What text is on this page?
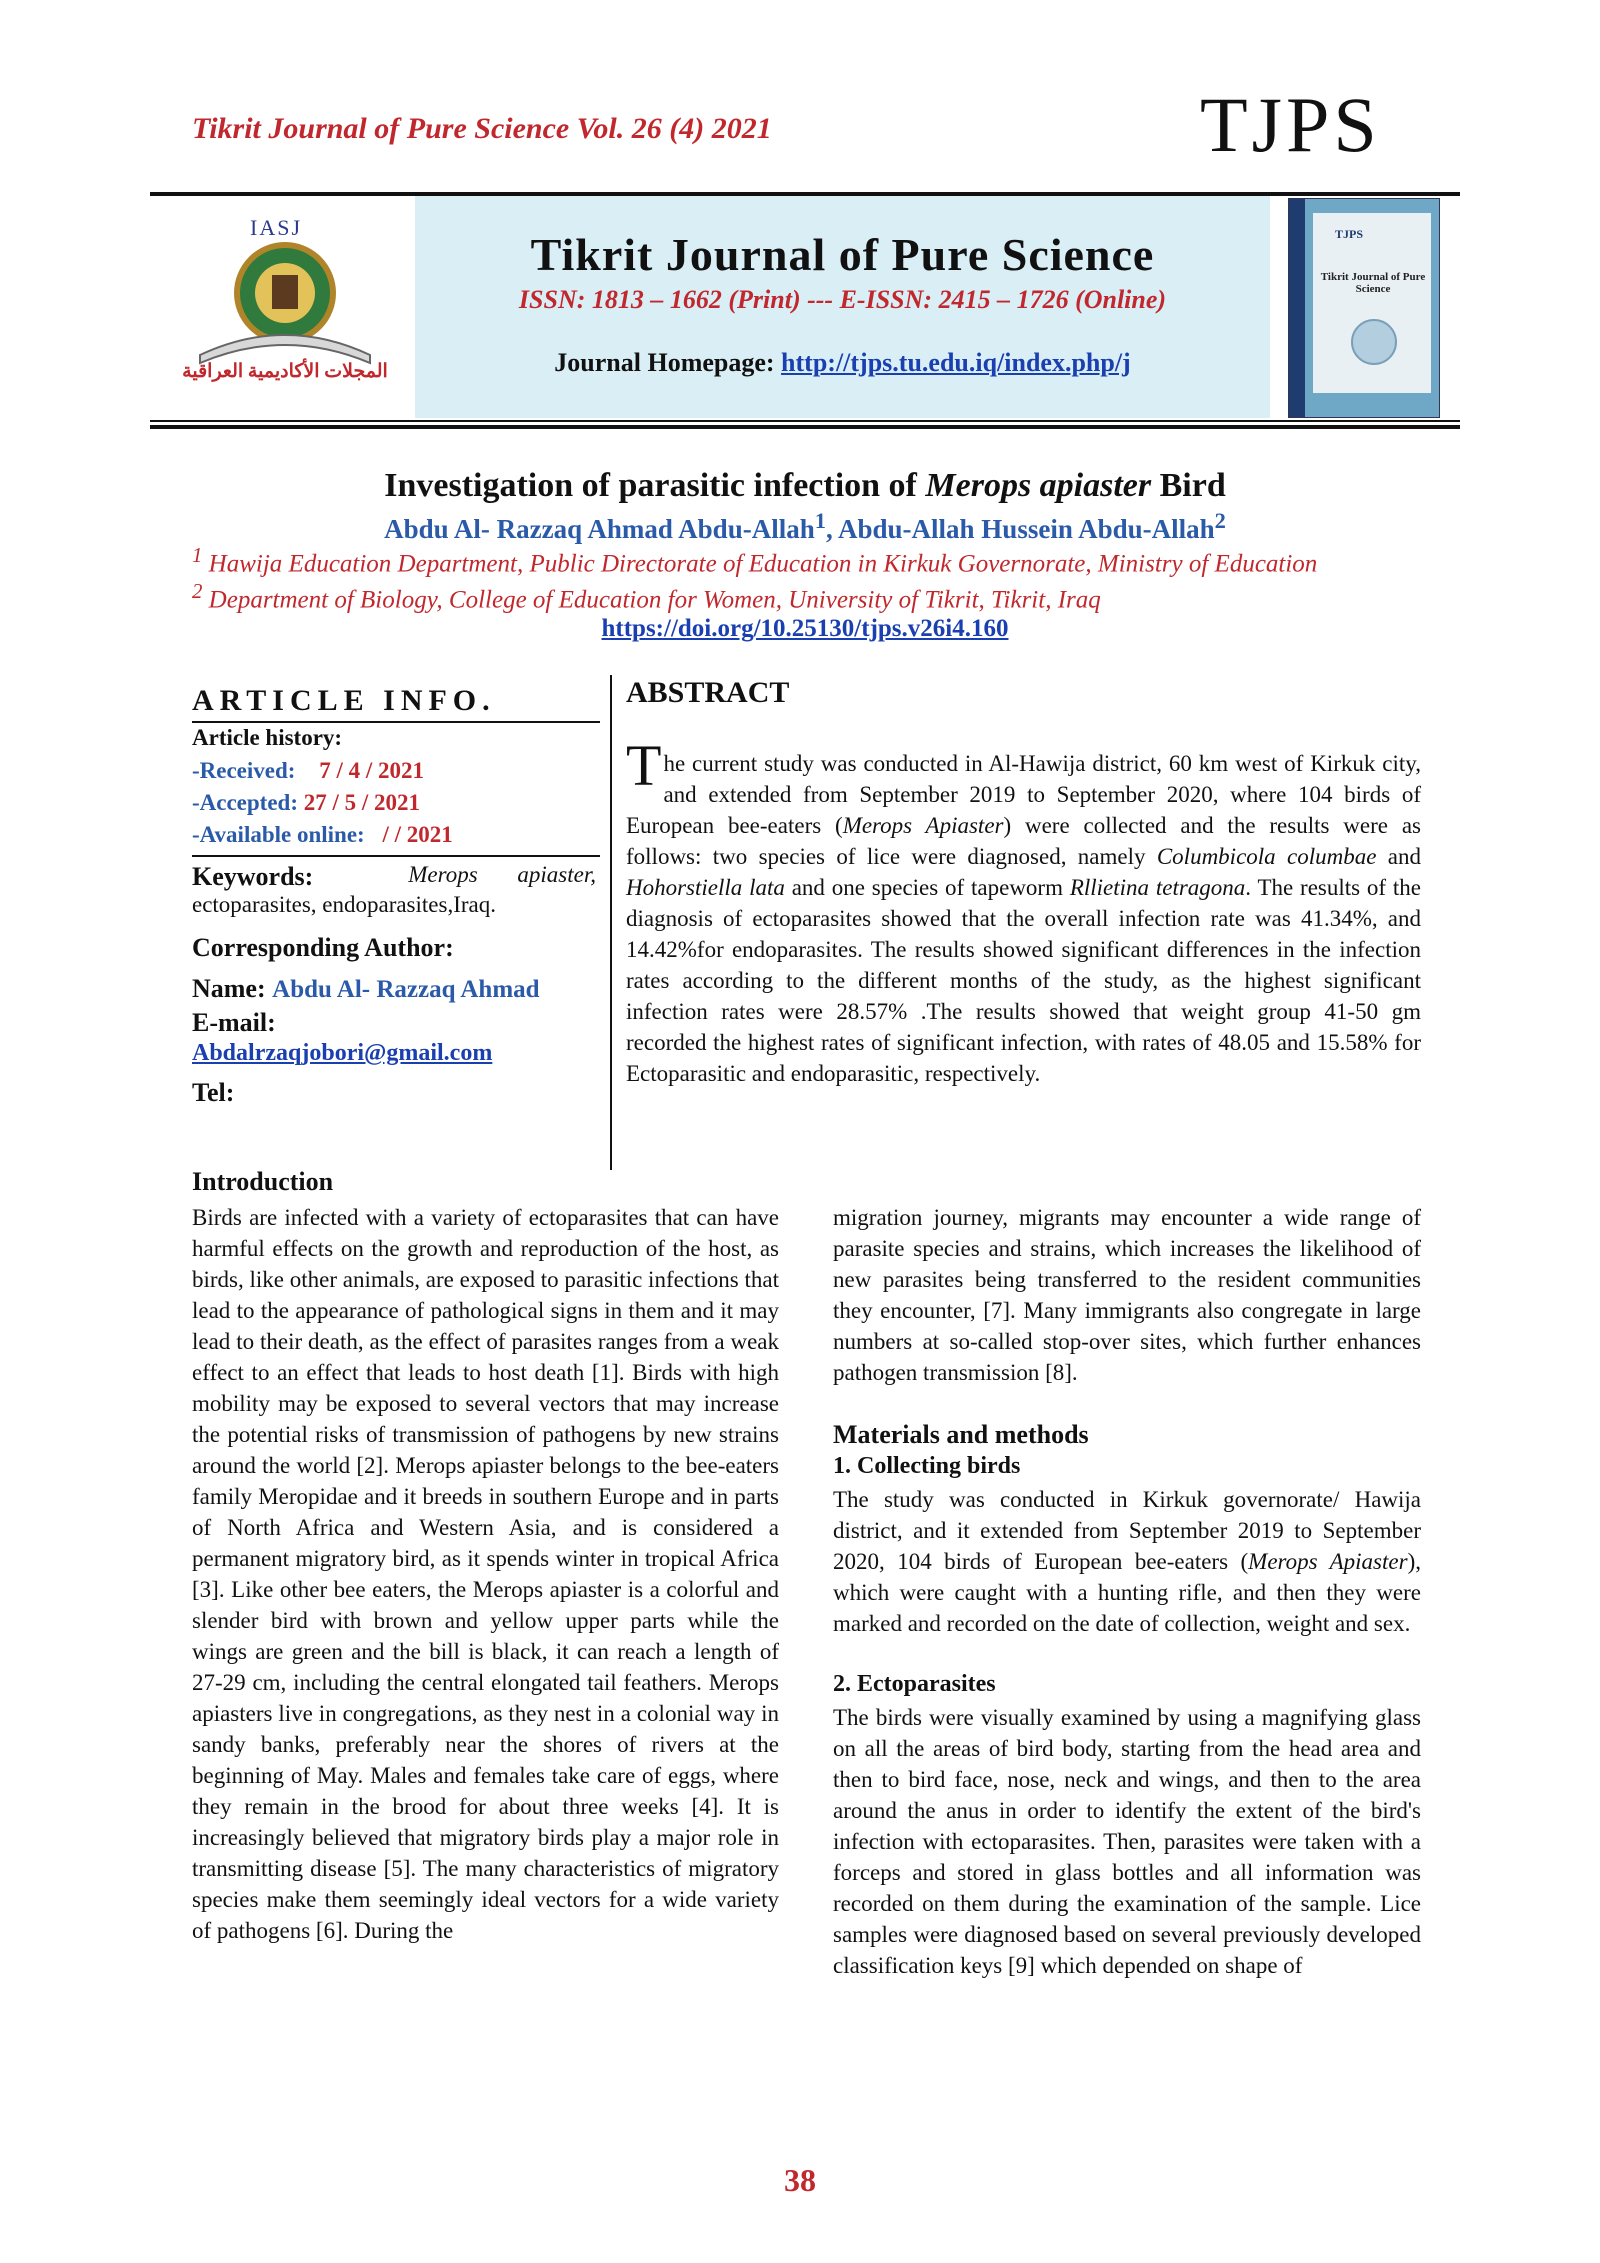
Tikrit Journal of Pure Science Vol. 26 (4) 2021	TJPS
IASJ
المجلات الأكاديمية العراقية
Tikrit Journal of Pure Science
ISSN: 1813 – 1662 (Print) --- E-ISSN: 2415 – 1726 (Online)
Journal Homepage: http://tjps.tu.edu.iq/index.php/j
TJPS
Tikrit Journal of Pure Science
Investigation of parasitic infection of Merops apiaster Bird
Abdu Al- Razzaq Ahmad Abdu-Allah$^1$, Abdu-Allah Hussein Abdu-Allah$^2$
$^1$ Hawija Education Department, Public Directorate of Education in Kirkuk Governorate, Ministry of Education
$^2$ Department of Biology, College of Education for Women, University of Tikrit, Tikrit, Iraq
https://doi.org/10.25130/tjps.v26i4.160
ARTICLE INFO.
Article history:
-Received: 7 / 4 / 2021
-Accepted: 27 / 5 / 2021
-Available online: / / 2021
Keywords:	Merops apiaster,
ectoparasites, endoparasites,Iraq.
Corresponding Author:
Name: Abdu Al- Razzaq Ahmad
E-mail:
Abdalrzaqjobori@gmail.com
Tel:
ABSTRACT
The current study was conducted in Al-Hawija district, 60 km west of Kirkuk city, and extended from September 2019 to September 2020, where 104 birds of European bee-eaters (Merops Apiaster) were collected and the results were as follows: two species of lice were diagnosed, namely Columbicola columbae and Hohorstiella lata and one species of tapeworm Rllietina tetragona. The results of the diagnosis of ectoparasites showed that the overall infection rate was 41.34%, and 14.42%for endoparasites. The results showed significant differences in the infection rates according to the different months of the study, as the highest significant infection rates were 28.57% .The results showed that weight group 41-50 gm recorded the highest rates of significant infection, with rates of 48.05 and 15.58% for Ectoparasitic and endoparasitic, respectively.
Introduction
Birds are infected with a variety of ectoparasites that can have harmful effects on the growth and reproduction of the host, as birds, like other animals, are exposed to parasitic infections that lead to the appearance of pathological signs in them and it may lead to their death, as the effect of parasites ranges from a weak effect to an effect that leads to host death [1]. Birds with high mobility may be exposed to several vectors that may increase the potential risks of transmission of pathogens by new strains around the world [2]. Merops apiaster belongs to the bee-eaters family Meropidae and it breeds in southern Europe and in parts of North Africa and Western Asia, and is considered a permanent migratory bird, as it spends winter in tropical Africa [3]. Like other bee eaters, the Merops apiaster is a colorful and slender bird with brown and yellow upper parts while the wings are green and the bill is black, it can reach a length of 27-29 cm, including the central elongated tail feathers. Merops apiasters live in congregations, as they nest in a colonial way in sandy banks, preferably near the shores of rivers at the beginning of May. Males and females take care of eggs, where they remain in the brood for about three weeks [4]. It is increasingly believed that migratory birds play a major role in transmitting disease [5]. The many characteristics of migratory species make them seemingly ideal vectors for a wide variety of pathogens [6]. During the
migration journey, migrants may encounter a wide range of parasite species and strains, which increases the likelihood of new parasites being transferred to the resident communities they encounter, [7]. Many immigrants also congregate in large numbers at so-called stop-over sites, which further enhances pathogen transmission [8].
Materials and methods
1. Collecting birds
The study was conducted in Kirkuk governorate/ Hawija district, and it extended from September 2019 to September 2020, 104 birds of European bee-eaters (Merops Apiaster), which were caught with a hunting rifle, and then they were marked and recorded on the date of collection, weight and sex.
2. Ectoparasites
The birds were visually examined by using a magnifying glass on all the areas of bird body, starting from the head area and then to bird face, nose, neck and wings, and then to the area around the anus in order to identify the extent of the bird's infection with ectoparasites. Then, parasites were taken with a forceps and stored in glass bottles and all information was recorded on them during the examination of the sample. Lice samples were diagnosed based on several previously developed classification keys [9] which depended on shape of
38
